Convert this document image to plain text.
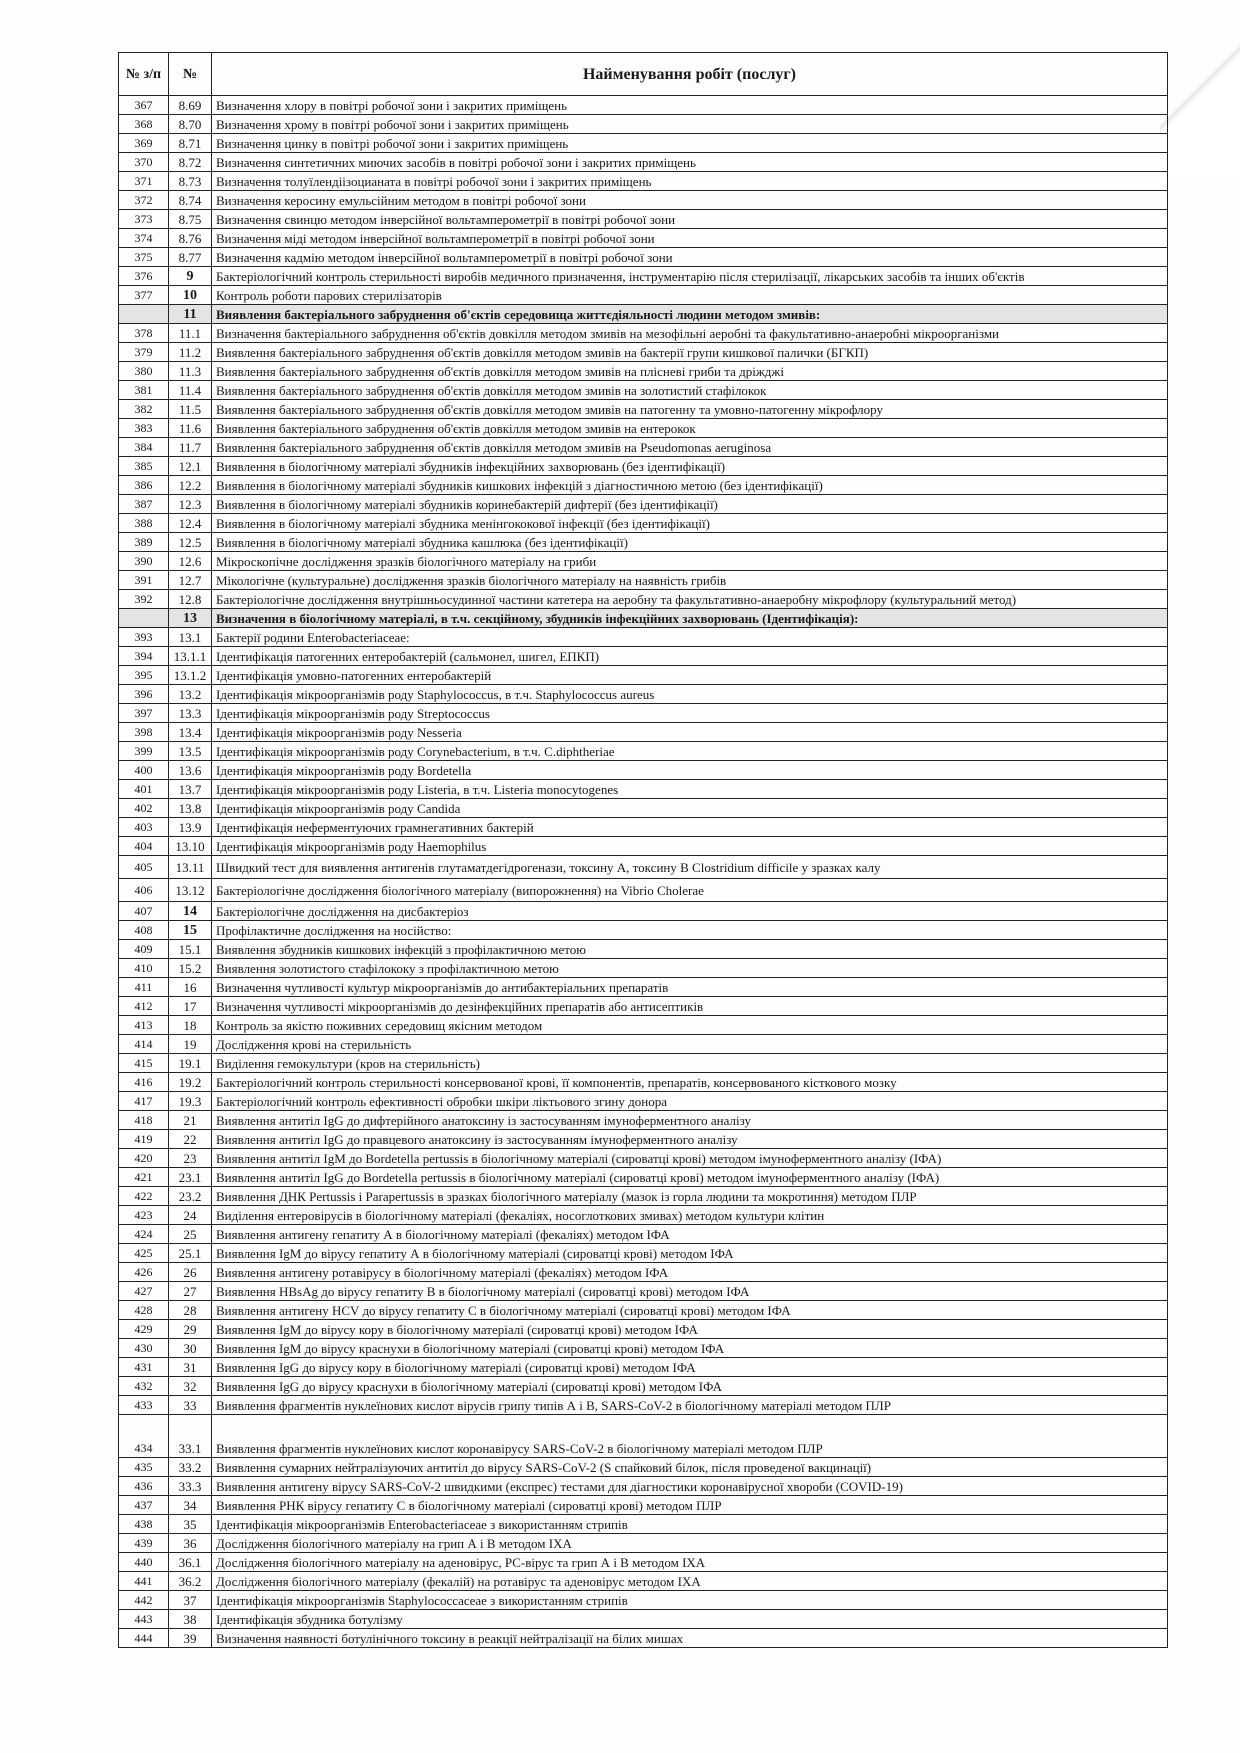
№ з/п	№	Найменування робіт (послуг)
367	8.69	Визначення хлору в повітрі робочої зони і закритих приміщень
368	8.70	Визначення хрому в повітрі робочої зони і закритих приміщень
369	8.71	Визначення цинку в повітрі робочої зони і закритих приміщень
370	8.72	Визначення синтетичних миючих засобів в повітрі робочої зони і закритих приміщень
371	8.73	Визначення толуїлендіізоцианата в повітрі робочої зони і закритих приміщень
372	8.74	Визначення керосину емульсійним методом в повітрі робочої зони
373	8.75	Визначення свинцю методом інверсійної вольтамперометрії в повітрі робочої зони
374	8.76	Визначення міді методом інверсійної вольтамперометрії в повітрі робочої зони
375	8.77	Визначення кадмію методом інверсійної вольтамперометрії в повітрі робочої зони
376	9	Бактеріологічний контроль стерильності виробів медичного призначення, інструментарію після стерилізації, лікарських засобів та інших об'єктів
377	10	Контроль роботи парових стерилізаторів
	11	Виявлення бактеріального забруднення об'єктів середовища життєдіяльності людини методом змивів:
378	11.1	Визначення бактеріального забруднення об'єктів довкілля методом змивів на мезофільні аеробні та факультативно-анаеробні мікроорганізми
379	11.2	Виявлення бактеріального забруднення об'єктів довкілля методом змивів на бактерії групи кишкової палички (БГКП)
380	11.3	Виявлення бактеріального забруднення об'єктів довкілля методом змивів на плісневі гриби та дріжджі
381	11.4	Виявлення бактеріального забруднення об'єктів довкілля методом змивів на золотистий стафілокок
382	11.5	Виявлення бактеріального забруднення об'єктів довкілля методом змивів на патогенну та умовно-патогенну мікрофлору
383	11.6	Виявлення бактеріального забруднення об'єктів довкілля методом змивів на ентерокок
384	11.7	Виявлення бактеріального забруднення об'єктів довкілля методом змивів на Pseudomonas aeruginosa
385	12.1	Виявлення в біологічному матеріалі збудників інфекційних захворювань (без ідентифікації)
386	12.2	Виявлення в біологічному матеріалі збудників кишкових інфекцій з діагностичною метою (без ідентифікації)
387	12.3	Виявлення в біологічному матеріалі збудників коринебактерій дифтерії (без ідентифікації)
388	12.4	Виявлення в біологічному матеріалі збудника менінгококової інфекції (без ідентифікації)
389	12.5	Виявлення в біологічному матеріалі збудника кашлюка (без ідентифікації)
390	12.6	Мікроскопічне дослідження зразків біологічного матеріалу на гриби
391	12.7	Мікологічне (культуральне) дослідження зразків біологічного матеріалу на наявність грибів
392	12.8	Бактеріологічне дослідження внутрішньосудинної частини катетера на аеробну та факультативно-анаеробну мікрофлору (культуральний метод)
	13	Визначення в біологічному матеріалі, в т.ч. секційному, збудників інфекційних захворювань (Ідентифікація):
393	13.1	Бактерії родини Enterobacteriaceae:
394	13.1.1	Ідентифікація патогенних ентеробактерій (сальмонел, шигел, ЕПКП)
395	13.1.2	Ідентифікація умовно-патогенних ентеробактерій
396	13.2	Ідентифікація мікроорганізмів роду Staphylococcus, в т.ч. Staphylococcus aureus
397	13.3	Ідентифікація мікроорганізмів роду Streptococcus
398	13.4	Ідентифікація мікроорганізмів роду Nesseria
399	13.5	Ідентифікація мікроорганізмів роду Corynebacterium, в т.ч. C.diphtheriae
400	13.6	Ідентифікація мікроорганізмів роду Bordetella
401	13.7	Ідентифікація мікроорганізмів роду Listeria, в т.ч. Listeria monocytogenes
402	13.8	Ідентифікація мікроорганізмів роду Candida
403	13.9	Ідентифікація неферментуючих грамнегативних бактерій
404	13.10	Ідентифікація мікроорганізмів роду Haemophilus
405	13.11	Швидкий тест для виявлення антигенів глутаматдегідрогенази, токсину А, токсину В Clostridium difficile у зразках калу
406	13.12	Бактеріологічне дослідження біологічного матеріалу (випорожнення) на Vibrio Cholerae
407	14	Бактеріологічне дослідження на дисбактеріоз
408	15	Профілактичне дослідження на носійство:
409	15.1	Виявлення збудників кишкових інфекцій з профілактичною метою
410	15.2	Виявлення золотистого стафілококу з профілактичною метою
411	16	Визначення чутливості культур мікроорганізмів до антибактеріальних препаратів
412	17	Визначення чутливості мікроорганізмів до дезінфекційних препаратів або антисептиків
413	18	Контроль за якістю поживних середовищ якісним методом
414	19	Дослідження крові на стерильність
415	19.1	Виділення гемокультури (кров на стерильність)
416	19.2	Бактеріологічний контроль стерильності консервованої крові, її компонентів, препаратів, консервованого кісткового мозку
417	19.3	Бактеріологічний контроль ефективності обробки шкіри ліктьового згину донора
418	21	Виявлення антитіл IgG до дифтерійного анатоксину із застосуванням імуноферментного аналізу
419	22	Виявлення антитіл IgG до правцевого анатоксину із застосуванням імуноферментного аналізу
420	23	Виявлення антитіл IgM до Bordetella pertussis в біологічному матеріалі (сироватці крові) методом імуноферментного аналізу (ІФА)
421	23.1	Виявлення антитіл IgG до Bordetella pertussis в біологічному матеріалі (сироватці крові) методом імуноферментного аналізу (ІФА)
422	23.2	Виявлення ДНК Pertussis і Parapertussis в зразках біологічного матеріалу (мазок із горла людини та мокротиння) методом ПЛР
423	24	Виділення ентеровірусів в біологічному матеріалі (фекаліях, носоглоткових змивах) методом культури клітин
424	25	Виявлення антигену гепатиту А в біологічному матеріалі (фекаліях) методом ІФА
425	25.1	Виявлення IgM до вірусу гепатиту А в біологічному матеріалі (сироватці крові) методом ІФА
426	26	Виявлення антигену ротавірусу в біологічному матеріалі (фекаліях) методом ІФА
427	27	Виявлення HBsAg до вірусу гепатиту В в біологічному матеріалі (сироватці крові) методом ІФА
428	28	Виявлення антигену HCV до вірусу гепатиту С в біологічному матеріалі (сироватці крові) методом ІФА
429	29	Виявлення IgM до вірусу кору в біологічному матеріалі (сироватці крові) методом ІФА
430	30	Виявлення IgM до вірусу краснухи в біологічному матеріалі (сироватці крові) методом ІФА
431	31	Виявлення IgG до вірусу кору в біологічному матеріалі (сироватці крові) методом ІФА
432	32	Виявлення IgG до вірусу краснухи в біологічному матеріалі (сироватці крові) методом ІФА
433	33	Виявлення фрагментів нуклеїнових кислот вірусів грипу типів А і В, SARS-CoV-2 в біологічному матеріалі методом ПЛР
434	33.1	Виявлення фрагментів нуклеїнових кислот коронавірусу SARS-CoV-2 в біологічному матеріалі методом ПЛР
435	33.2	Виявлення сумарних нейтралізуючих антитіл до вірусу SARS-CoV-2 (S спайковий білок, після проведеної вакцинації)
436	33.3	Виявлення антигену вірусу SARS-CoV-2 швидкими (експрес) тестами для діагностики коронавірусної хвороби (COVID-19)
437	34	Виявлення РНК вірусу гепатиту С в біологічному матеріалі (сироватці крові) методом ПЛР
438	35	Ідентифікація мікроорганізмів Enterobacteriaceae з використанням стрипів
439	36	Дослідження біологічного матеріалу на грип А і В методом ІХА
440	36.1	Дослідження біологічного матеріалу на аденовірус, РС-вірус та грип А і В методом ІХА
441	36.2	Дослідження біологічного матеріалу (фекалій) на ротавірус та аденовірус методом ІХА
442	37	Ідентифікація мікроорганізмів Staphylococcaceae з використанням стрипів
443	38	Ідентифікація збудника ботулізму
444	39	Визначення наявності ботулінічного токсину в реакції нейтралізації на білих мишах
